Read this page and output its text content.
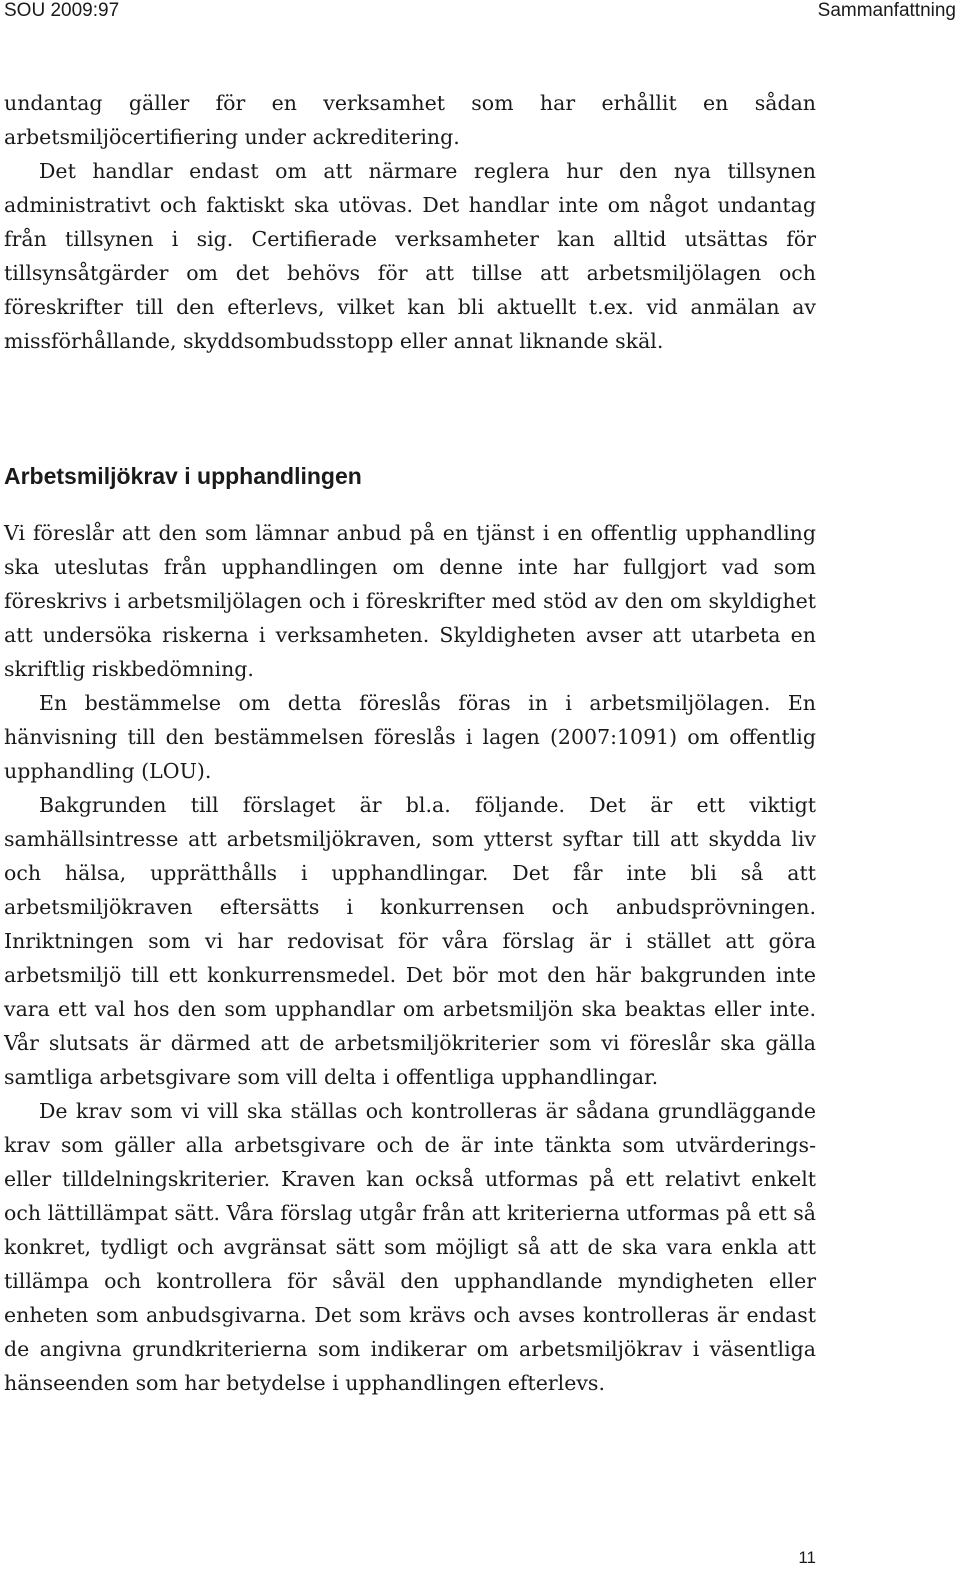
SOU 2009:97	Sammanfattning

undantag gäller för en verksamhet som har erhållit en sådan arbetsmiljöcertifiering under ackreditering.

Det handlar endast om att närmare reglera hur den nya tillsynen administrativt och faktiskt ska utövas. Det handlar inte om något undantag från tillsynen i sig. Certifierade verksamheter kan alltid utsättas för tillsynsåtgärder om det behövs för att tillse att arbetsmiljölagen och föreskrifter till den efterlevs, vilket kan bli aktuellt t.ex. vid anmälan av missförhållande, skyddsombudsstopp eller annat liknande skäl.

Arbetsmiljökrav i upphandlingen

Vi föreslår att den som lämnar anbud på en tjänst i en offentlig upphandling ska uteslutas från upphandlingen om denne inte har fullgjort vad som föreskrivs i arbetsmiljölagen och i föreskrifter med stöd av den om skyldighet att undersöka riskerna i verksamheten. Skyldigheten avser att utarbeta en skriftlig riskbedömning.

En bestämmelse om detta föreslås föras in i arbetsmiljölagen. En hänvisning till den bestämmelsen föreslås i lagen (2007:1091) om offentlig upphandling (LOU).

Bakgrunden till förslaget är bl.a. följande. Det är ett viktigt samhällsintresse att arbetsmiljökraven, som ytterst syftar till att skydda liv och hälsa, upprätthålls i upphandlingar. Det får inte bli så att arbetsmiljökraven eftersätts i konkurrensen och anbudsprövningen. Inriktningen som vi har redovisat för våra förslag är i stället att göra arbetsmiljö till ett konkurrensmedel. Det bör mot den här bakgrunden inte vara ett val hos den som upphandlar om arbetsmiljön ska beaktas eller inte. Vår slutsats är därmed att de arbetsmiljökriterier som vi föreslår ska gälla samtliga arbetsgivare som vill delta i offentliga upphandlingar.

De krav som vi vill ska ställas och kontrolleras är sådana grundläggande krav som gäller alla arbetsgivare och de är inte tänkta som utvärderings- eller tilldelningskriterier. Kraven kan också utformas på ett relativt enkelt och lättillämpat sätt. Våra förslag utgår från att kriterierna utformas på ett så konkret, tydligt och avgränsat sätt som möjligt så att de ska vara enkla att tillämpa och kontrollera för såväl den upphandlande myndigheten eller enheten som anbudsgivarna. Det som krävs och avses kontrolleras är endast de angivna grundkriterierna som indikerar om arbetsmiljökrav i väsentliga hänseenden som har betydelse i upphandlingen efterlevs.

11
